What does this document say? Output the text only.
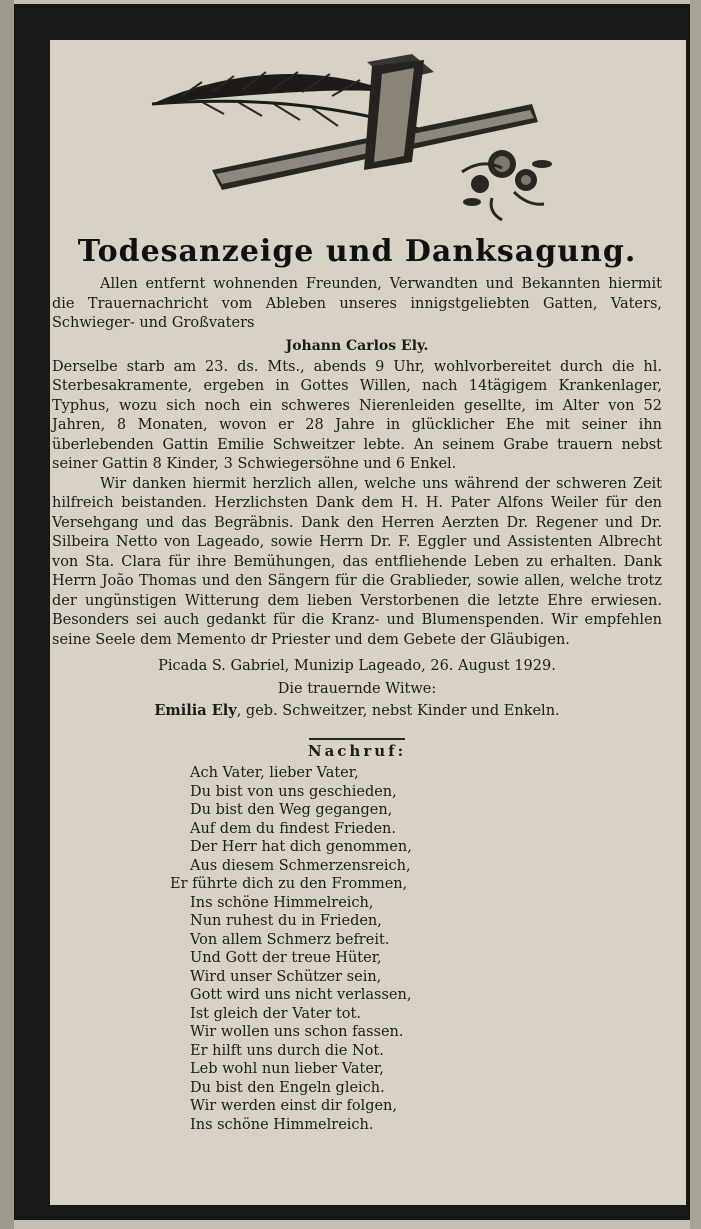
Todesanzeige und Danksagung.

Allen entfernt wohnenden Freunden, Verwandten und Bekannten hiermit die Trauernachricht vom Ableben unseres innigstgeliebten Gatten, Vaters, Schwieger- und Großvaters

Johann Carlos Ely.

Derselbe starb am 23. ds. Mts., abends 9 Uhr, wohlvorbereitet durch die hl. Sterbesakramente, ergeben in Gottes Willen, nach 14tägigem Krankenlager, Typhus, wozu sich noch ein schweres Nierenleiden gesellte, im Alter von 52 Jahren, 8 Monaten, wovon er 28 Jahre in glücklicher Ehe mit seiner ihn überlebenden Gattin Emilie Schweitzer lebte. An seinem Grabe trauern nebst seiner Gattin 8 Kinder, 3 Schwiegersöhne und 6 Enkel.

Wir danken hiermit herzlich allen, welche uns während der schweren Zeit hilfreich beistanden. Herzlichsten Dank dem H. H. Pater Alfons Weiler für den Versehgang und das Begräbnis. Dank den Herren Aerzten Dr. Regener und Dr. Silbeira Netto von Lageado, sowie Herrn Dr. F. Eggler und Assistenten Albrecht von Sta. Clara für ihre Bemühungen, das entfliehende Leben zu erhalten. Dank Herrn João Thomas und den Sängern für die Grablieder, sowie allen, welche trotz der ungünstigen Witterung dem lieben Verstorbenen die letzte Ehre erwiesen. Besonders sei auch gedankt für die Kranz- und Blumenspenden. Wir empfehlen seine Seele dem Memento dr Priester und dem Gebete der Gläubigen.

Picada S. Gabriel, Munizip Lageado, 26. August 1929.

Die trauernde Witwe:

Emilia Ely, geb. Schweitzer, nebst Kinder und Enkeln.

Nachruf:
Ach Vater, lieber Vater,
Du bist von uns geschieden,
Du bist den Weg gegangen,
Auf dem du findest Frieden.
Der Herr hat dich genommen,
Aus diesem Schmerzensreich,
Er führte dich zu den Frommen,
Ins schöne Himmelreich,
Nun ruhest du in Frieden,
Von allem Schmerz befreit.
Und Gott der treue Hüter,
Wird unser Schützer sein,
Gott wird uns nicht verlassen,
Ist gleich der Vater tot.
Wir wollen uns schon fassen.
Er hilft uns durch die Not.
Leb wohl nun lieber Vater,
Du bist den Engeln gleich.
Wir werden einst dir folgen,
Ins schöne Himmelreich.
